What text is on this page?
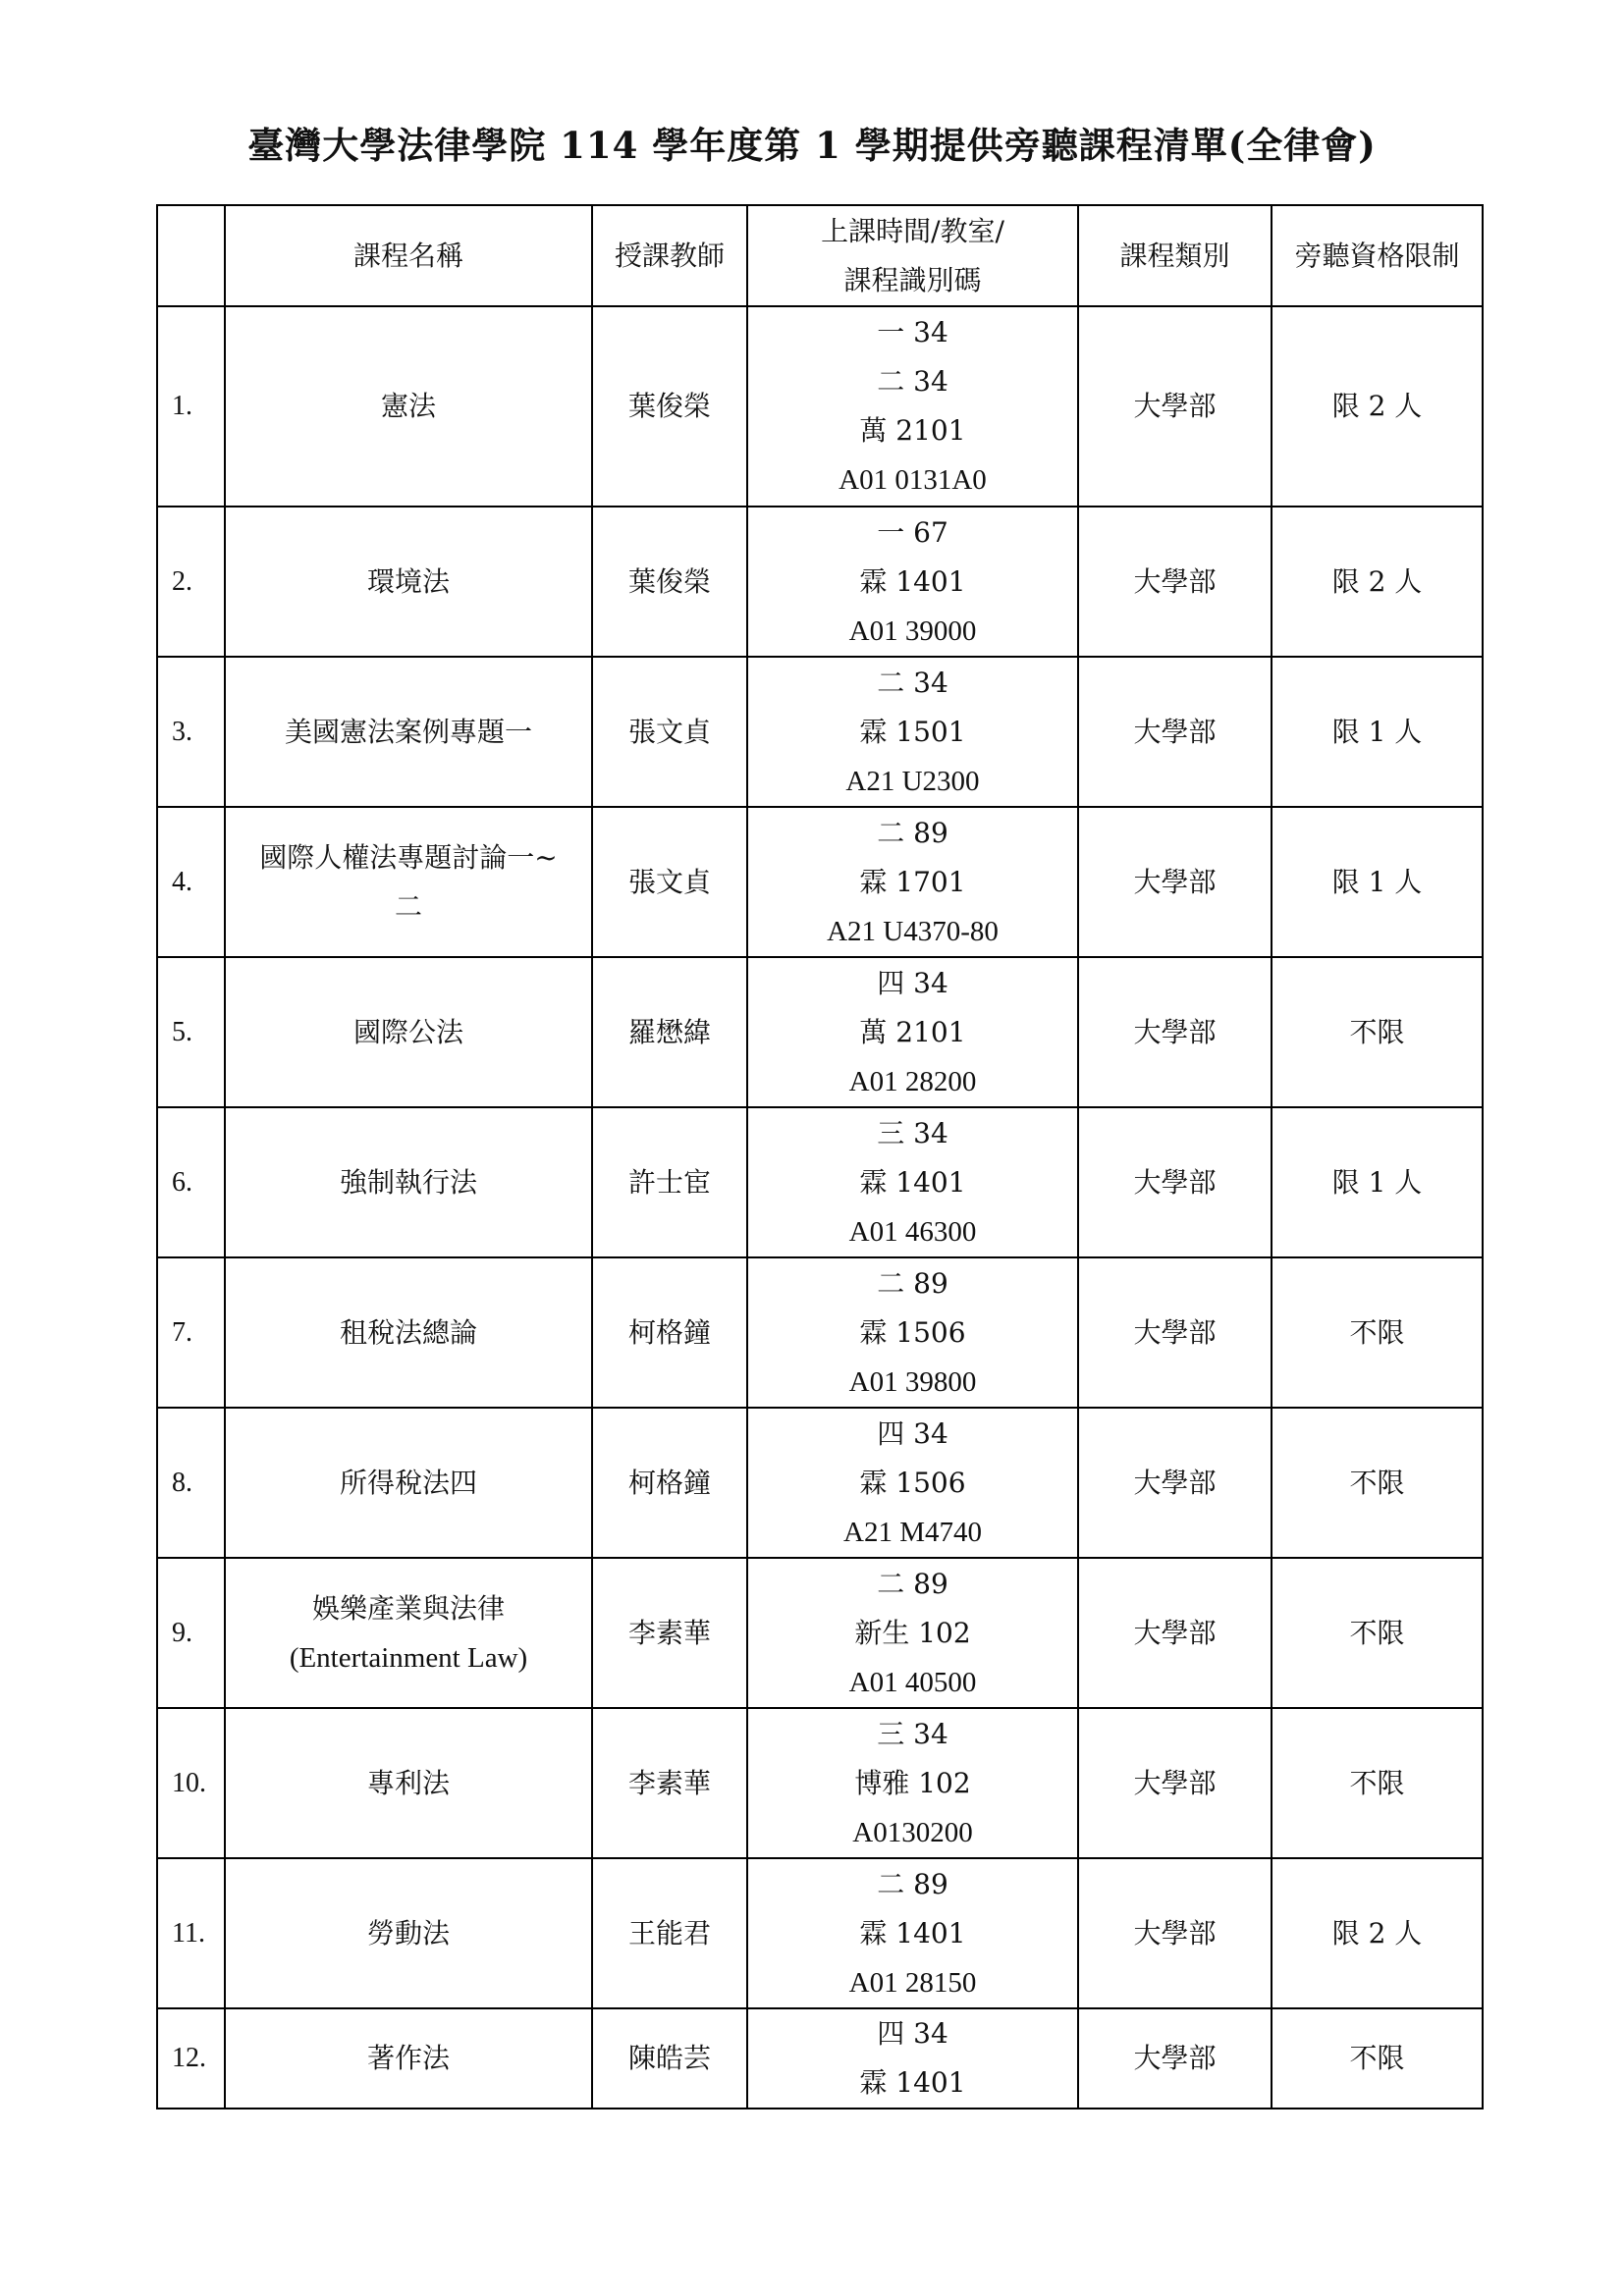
臺灣大學法律學院 114 學年度第 1 學期提供旁聽課程清單(全律會)
	課程名稱	授課教師	上課時間/教室/
課程識別碼	課程類別	旁聽資格限制
1.	憲法	葉俊榮	一 34
二 34
萬 2101
A01 0131A0	大學部	限 2 人
2.	環境法	葉俊榮	一 67
霖 1401
A01 39000	大學部	限 2 人
3.	美國憲法案例專題一	張文貞	二 34
霖 1501
A21 U2300	大學部	限 1 人
4.	國際人權法專題討論一~
二	張文貞	二 89
霖 1701
A21 U4370-80	大學部	限 1 人
5.	國際公法	羅懋緯	四 34
萬 2101
A01 28200	大學部	不限
6.	強制執行法	許士宦	三 34
霖 1401
A01 46300	大學部	限 1 人
7.	租稅法總論	柯格鐘	二 89
霖 1506
A01 39800	大學部	不限
8.	所得稅法四	柯格鐘	四 34
霖 1506
A21 M4740	大學部	不限
9.	娛樂產業與法律
(Entertainment Law)	李素華	二 89
新生 102
A01 40500	大學部	不限
10.	專利法	李素華	三 34
博雅 102
A0130200	大學部	不限
11.	勞動法	王能君	二 89
霖 1401
A01 28150	大學部	限 2 人
12.	著作法	陳皓芸	四 34
霖 1401	大學部	不限
